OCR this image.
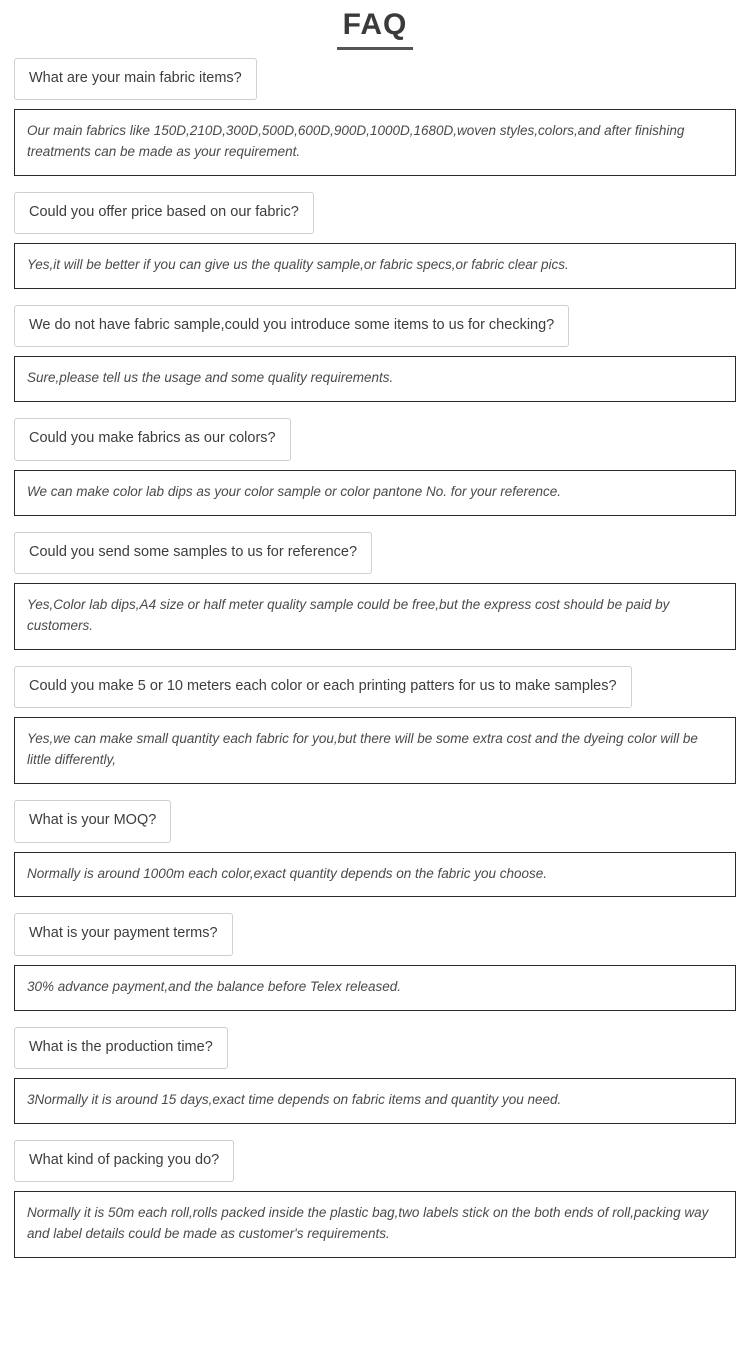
FAQ
What are your main fabric items?
Our main fabrics like 150D,210D,300D,500D,600D,900D,1000D,1680D,woven styles,colors,and after finishing treatments can be made as your requirement.
Could you offer price based on our fabric?
Yes,it will be better if you can give us the quality sample,or fabric specs,or fabric clear pics.
We do not have fabric sample,could you introduce some items to us for checking?
Sure,please tell us the usage and some quality requirements.
Could you make fabrics as our colors?
We can make color lab dips as your color sample or color pantone No. for your reference.
Could you send some samples to us for reference?
Yes,Color lab dips,A4 size or half meter quality sample could be free,but the express cost should be paid by customers.
Could you make 5 or 10 meters each color or each printing patters for us to make samples?
Yes,we can make small quantity each fabric for you,but there will be some extra cost and the dyeing color will be little differently,
What is your MOQ?
Normally is around 1000m each color,exact quantity depends on the fabric you choose.
What is your payment terms?
30% advance payment,and the balance before Telex released.
What is the production time?
3Normally it is around 15 days,exact time depends on fabric items and quantity you need.
What kind of packing you do?
Normally it is 50m each roll,rolls packed inside the plastic bag,two labels stick on the both ends of roll,packing way and label details could be made as customer's requirements.
